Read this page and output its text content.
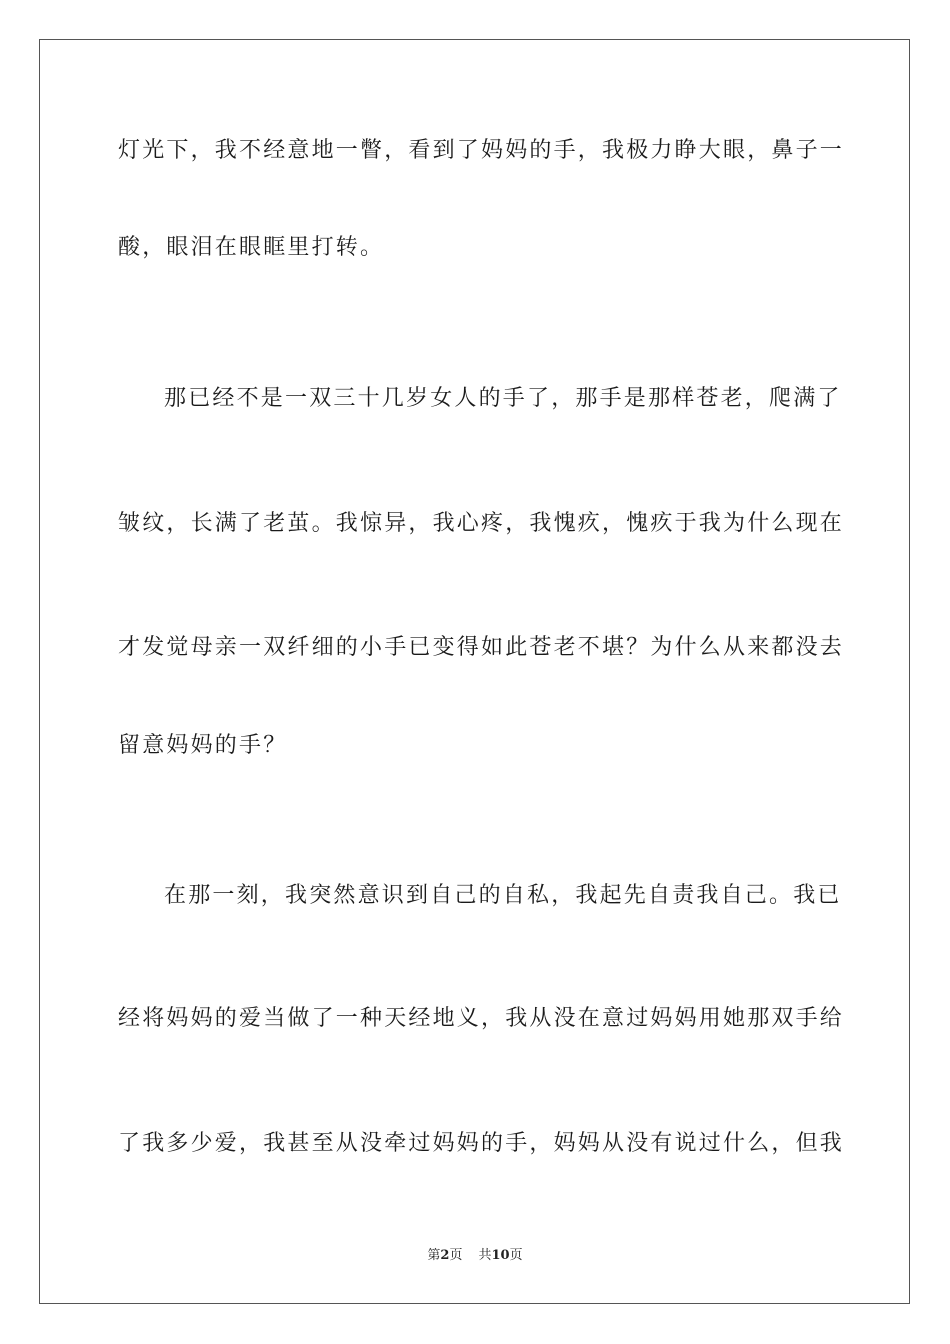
灯光下，我不经意地一瞥，看到了妈妈的手，我极力睁大眼，鼻子一
酸，眼泪在眼眶里打转。
那已经不是一双三十几岁女人的手了，那手是那样苍老，爬满了
皱纹，长满了老茧。我惊异，我心疼，我愧疚，愧疚于我为什么现在
才发觉母亲一双纤细的小手已变得如此苍老不堪？为什么从来都没去
留意妈妈的手？
在那一刻，我突然意识到自己的自私，我起先自责我自己。我已
经将妈妈的爱当做了一种天经地义，我从没在意过妈妈用她那双手给
了我多少爱，我甚至从没牵过妈妈的手，妈妈从没有说过什么，但我
第2页 共10页
